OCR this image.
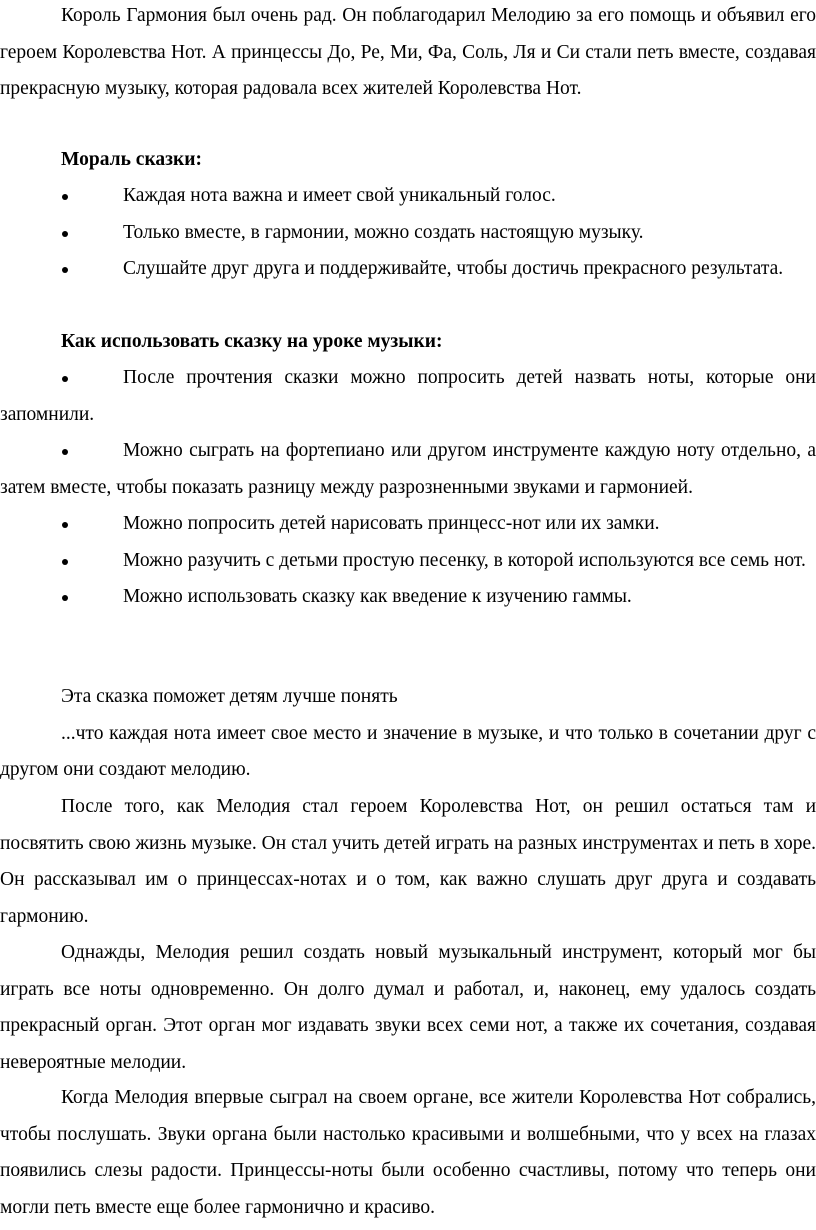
Король Гармония был очень рад. Он поблагодарил Мелодию за его помощь и объявил его героем Королевства Нот. А принцессы До, Ре, Ми, Фа, Соль, Ля и Си стали петь вместе, создавая прекрасную музыку, которая радовала всех жителей Королевства Нот.

Мораль сказки:

Каждая нота важна и имеет свой уникальный голос.

Только вместе, в гармонии, можно создать настоящую музыку.

Слушайте друг друга и поддерживайте, чтобы достичь прекрасного результата.

Как использовать сказку на уроке музыки:

После прочтения сказки можно попросить детей назвать ноты, которые они запомнили.

Можно сыграть на фортепиано или другом инструменте каждую ноту отдельно, а затем вместе, чтобы показать разницу между разрозненными звуками и гармонией.

Можно попросить детей нарисовать принцесс-нот или их замки.

Можно разучить с детьми простую песенку, в которой используются все семь нот.

Можно использовать сказку как введение к изучению гаммы.

Эта сказка поможет детям лучше понять

...что каждая нота имеет свое место и значение в музыке, и что только в сочетании друг с другом они создают мелодию.

После того, как Мелодия стал героем Королевства Нот, он решил остаться там и посвятить свою жизнь музыке. Он стал учить детей играть на разных инструментах и петь в хоре. Он рассказывал им о принцессах-нотах и о том, как важно слушать друг друга и создавать гармонию.

Однажды, Мелодия решил создать новый музыкальный инструмент, который мог бы играть все ноты одновременно. Он долго думал и работал, и, наконец, ему удалось создать прекрасный орган. Этот орган мог издавать звуки всех семи нот, а также их сочетания, создавая невероятные мелодии.

Когда Мелодия впервые сыграл на своем органе, все жители Королевства Нот собрались, чтобы послушать. Звуки органа были настолько красивыми и волшебными, что у всех на глазах появились слезы радости. Принцессы-ноты были особенно счастливы, потому что теперь они могли петь вместе еще более гармонично и красиво.
